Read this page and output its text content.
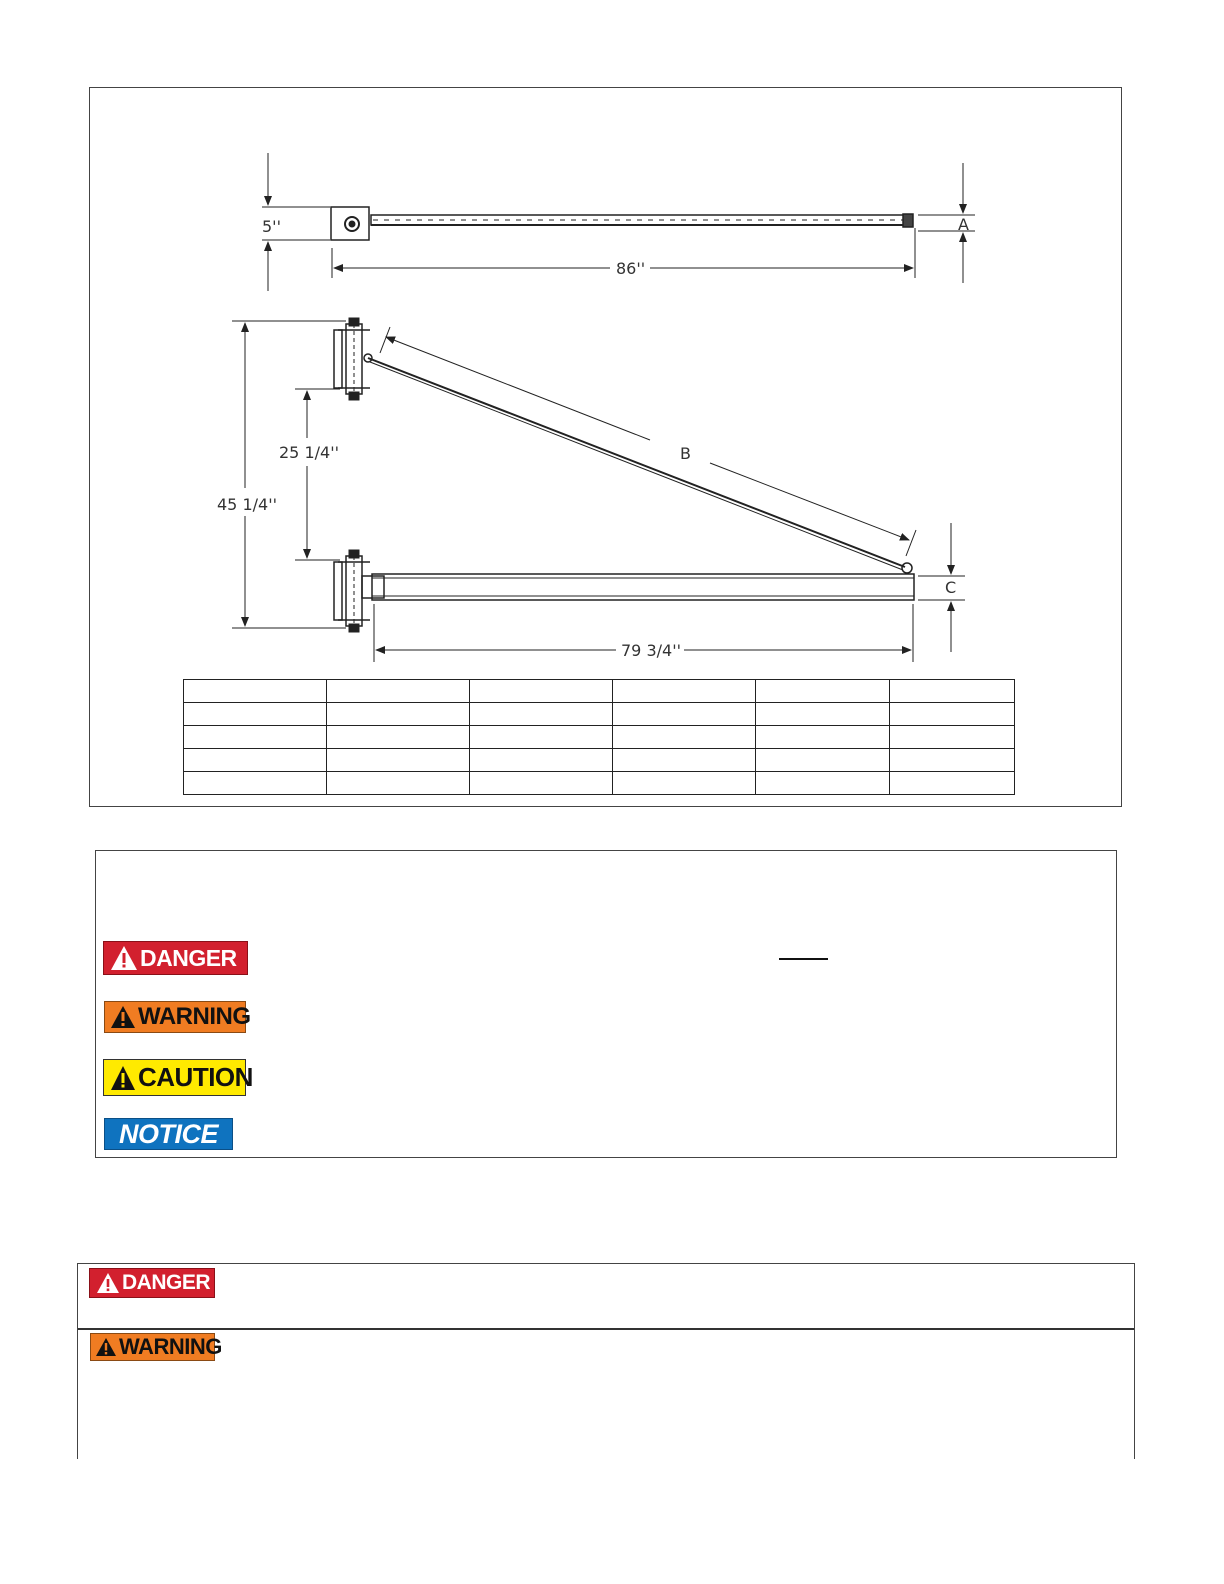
5''
86''
A
B
25 1/4''
45 1/4''
79 3/4''
C

DANGER
WARNING
CAUTION
NOTICE
DANGER
WARNING
